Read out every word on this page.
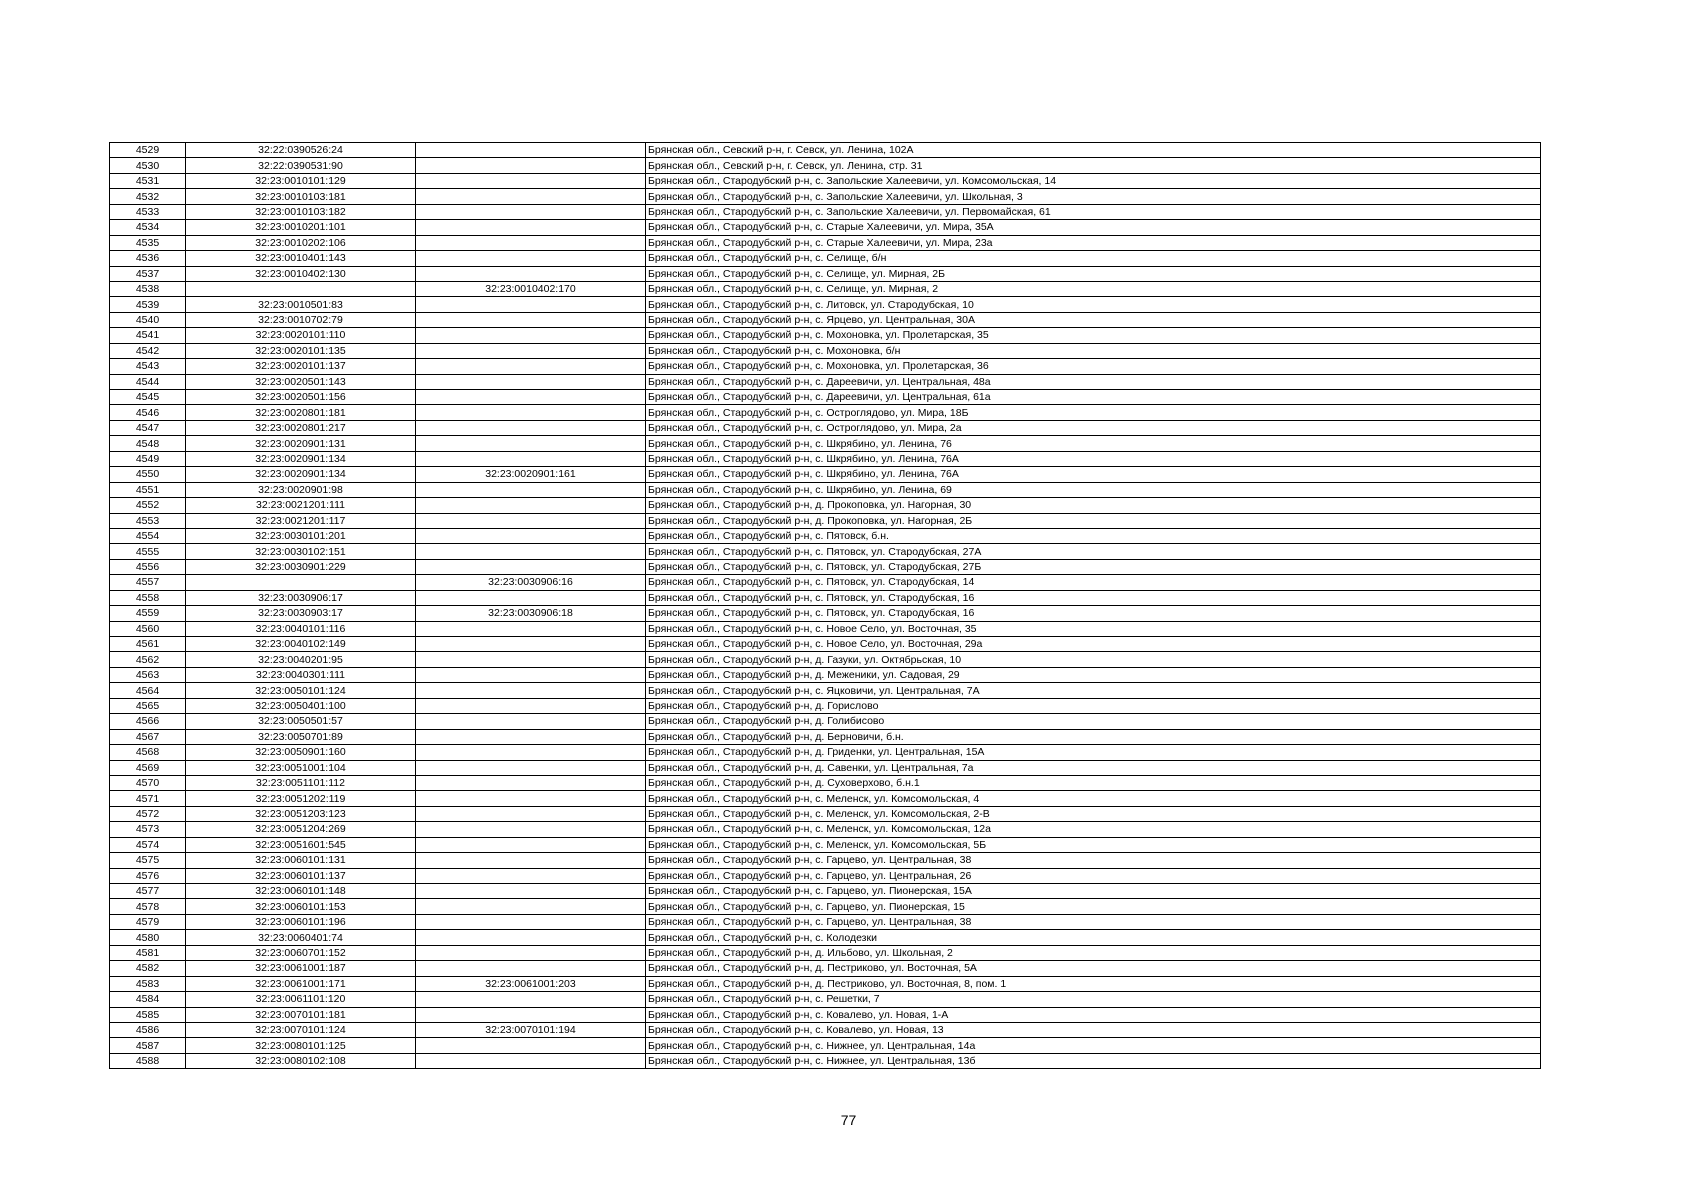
4529	32:22:0390526:24		Брянская обл., Севский р-н, г. Севск, ул. Ленина, 102А
4530	32:22:0390531:90		Брянская обл., Севский р-н, г. Севск, ул. Ленина, стр. 31
4531	32:23:0010101:129		Брянская обл., Стародубский р-н, с. Запольские Халеевичи, ул. Комсомольская, 14
4532	32:23:0010103:181		Брянская обл., Стародубский р-н, с. Запольские Халеевичи, ул. Школьная, 3
4533	32:23:0010103:182		Брянская обл., Стародубский р-н, с. Запольские Халеевичи, ул. Первомайская, 61
4534	32:23:0010201:101		Брянская обл., Стародубский р-н, с. Старые Халеевичи, ул. Мира, 35А
4535	32:23:0010202:106		Брянская обл., Стародубский р-н, с. Старые Халеевичи, ул. Мира, 23а
4536	32:23:0010401:143		Брянская обл., Стародубский р-н, с. Селище, б/н
4537	32:23:0010402:130		Брянская обл., Стародубский р-н, с. Селище, ул. Мирная, 2Б
4538		32:23:0010402:170	Брянская обл., Стародубский р-н, с. Селище, ул. Мирная, 2
4539	32:23:0010501:83		Брянская обл., Стародубский р-н, с. Литовск, ул. Стародубская, 10
4540	32:23:0010702:79		Брянская обл., Стародубский р-н, с. Ярцево, ул. Центральная, 30А
4541	32:23:0020101:110		Брянская обл., Стародубский р-н, с. Мохоновка, ул. Пролетарская, 35
4542	32:23:0020101:135		Брянская обл., Стародубский р-н, с. Мохоновка, б/н
4543	32:23:0020101:137		Брянская обл., Стародубский р-н, с. Мохоновка, ул. Пролетарская, 36
4544	32:23:0020501:143		Брянская обл., Стародубский р-н, с. Дареевичи, ул. Центральная, 48а
4545	32:23:0020501:156		Брянская обл., Стародубский р-н, с. Дареевичи, ул. Центральная, 61а
4546	32:23:0020801:181		Брянская обл., Стародубский р-н, с. Остроглядово, ул. Мира, 18Б
4547	32:23:0020801:217		Брянская обл., Стародубский р-н, с. Остроглядово, ул. Мира, 2а
4548	32:23:0020901:131		Брянская обл., Стародубский р-н, с. Шкрябино, ул. Ленина, 76
4549	32:23:0020901:134		Брянская обл., Стародубский р-н, с. Шкрябино, ул. Ленина, 76А
4550	32:23:0020901:134	32:23:0020901:161	Брянская обл., Стародубский р-н, с. Шкрябино, ул. Ленина, 76А
4551	32:23:0020901:98		Брянская обл., Стародубский р-н, с. Шкрябино, ул. Ленина, 69
4552	32:23:0021201:111		Брянская обл., Стародубский р-н, д. Прокоповка, ул. Нагорная, 30
4553	32:23:0021201:117		Брянская обл., Стародубский р-н, д. Прокоповка, ул. Нагорная, 2Б
4554	32:23:0030101:201		Брянская обл., Стародубский р-н, с. Пятовск, б.н.
4555	32:23:0030102:151		Брянская обл., Стародубский р-н, с. Пятовск, ул. Стародубская, 27А
4556	32:23:0030901:229		Брянская обл., Стародубский р-н, с. Пятовск, ул. Стародубская, 27Б
4557		32:23:0030906:16	Брянская обл., Стародубский р-н, с. Пятовск, ул. Стародубская, 14
4558	32:23:0030906:17		Брянская обл., Стародубский р-н, с. Пятовск, ул. Стародубская, 16
4559	32:23:0030903:17	32:23:0030906:18	Брянская обл., Стародубский р-н, с. Пятовск, ул. Стародубская, 16
4560	32:23:0040101:116		Брянская обл., Стародубский р-н, с. Новое Село, ул. Восточная, 35
4561	32:23:0040102:149		Брянская обл., Стародубский р-н, с. Новое Село, ул. Восточная, 29а
4562	32:23:0040201:95		Брянская обл., Стародубский р-н, д. Газуки, ул. Октябрьская, 10
4563	32:23:0040301:111		Брянская обл., Стародубский р-н, д. Меженики, ул. Садовая, 29
4564	32:23:0050101:124		Брянская обл., Стародубский р-н, с. Яцковичи, ул. Центральная, 7А
4565	32:23:0050401:100		Брянская обл., Стародубский р-н, д. Горислово
4566	32:23:0050501:57		Брянская обл., Стародубский р-н, д. Голибисово
4567	32:23:0050701:89		Брянская обл., Стародубский р-н, д. Берновичи, б.н.
4568	32:23:0050901:160		Брянская обл., Стародубский р-н, д. Гриденки, ул. Центральная, 15А
4569	32:23:0051001:104		Брянская обл., Стародубский р-н, д. Савенки, ул. Центральная, 7а
4570	32:23:0051101:112		Брянская обл., Стародубский р-н, д. Суховерхово, б.н.1
4571	32:23:0051202:119		Брянская обл., Стародубский р-н, с. Меленск, ул. Комсомольская, 4
4572	32:23:0051203:123		Брянская обл., Стародубский р-н, с. Меленск, ул. Комсомольская, 2-В
4573	32:23:0051204:269		Брянская обл., Стародубский р-н, с. Меленск, ул. Комсомольская, 12а
4574	32:23:0051601:545		Брянская обл., Стародубский р-н, с. Меленск, ул. Комсомольская, 5Б
4575	32:23:0060101:131		Брянская обл., Стародубский р-н, с. Гарцево, ул. Центральная, 38
4576	32:23:0060101:137		Брянская обл., Стародубский р-н, с. Гарцево, ул. Центральная, 26
4577	32:23:0060101:148		Брянская обл., Стародубский р-н, с. Гарцево, ул. Пионерская, 15А
4578	32:23:0060101:153		Брянская обл., Стародубский р-н, с. Гарцево, ул. Пионерская, 15
4579	32:23:0060101:196		Брянская обл., Стародубский р-н, с. Гарцево, ул. Центральная, 38
4580	32:23:0060401:74		Брянская обл., Стародубский р-н, с. Колодезки
4581	32:23:0060701:152		Брянская обл., Стародубский р-н, д. Ильбово, ул. Школьная, 2
4582	32:23:0061001:187		Брянская обл., Стародубский р-н, д. Пестриково, ул. Восточная, 5А
4583	32:23:0061001:171	32:23:0061001:203	Брянская обл., Стародубский р-н, д. Пестриково, ул. Восточная, 8, пом. 1
4584	32:23:0061101:120		Брянская обл., Стародубский р-н, с. Решетки, 7
4585	32:23:0070101:181		Брянская обл., Стародубский р-н, с. Ковалево, ул. Новая, 1-А
4586	32:23:0070101:124	32:23:0070101:194	Брянская обл., Стародубский р-н, с. Ковалево, ул. Новая, 13
4587	32:23:0080101:125		Брянская обл., Стародубский р-н, с. Нижнее, ул. Центральная, 14а
4588	32:23:0080102:108		Брянская обл., Стародубский р-н, с. Нижнее, ул. Центральная, 13б
77
